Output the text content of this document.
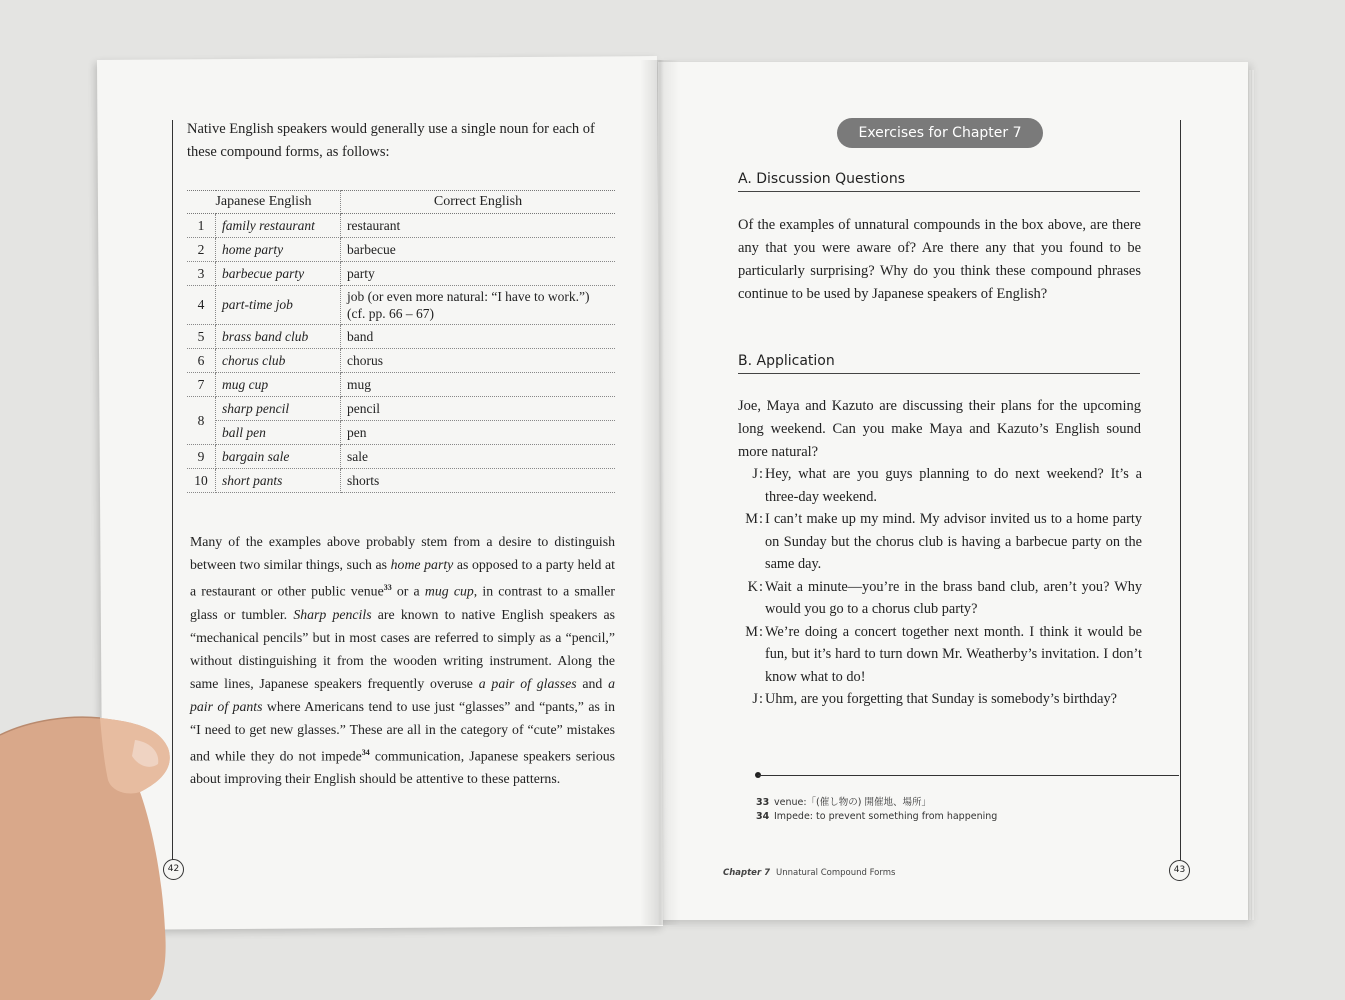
Native English speakers would generally use a single noun for each of these compound forms, as follows:
Japanese English		Correct English
1	family restaurant	restaurant
2	home party	barbecue
3	barbecue party	party
4	part-time job	job (or even more natural: “I have to work.”)
(cf. pp. 66 – 67)

5	brass band club	band
6	chorus club	chorus
7	mug cup	mug
8	sharp pencil	pencil
	ball pen	pen
9	bargain sale	sale
10	short pants	shorts
Many of the examples above probably stem from a desire to distinguish between two similar things, such as home party as opposed to a party held at a restaurant or other public venue$^{33}$ or a mug cup, in contrast to a smaller glass or tumbler. Sharp pencils are known to native English speakers as “mechanical pencils” but in most cases are referred to simply as a “pencil,” without distinguishing it from the wooden writing instrument. Along the same lines, Japanese speakers frequently overuse a pair of glasses and a pair of pants where Americans tend to use just “glasses” and “pants,” as in “I need to get new glasses.” These are all in the category of “cute” mistakes and while they do not impede$^{34}$ communication, Japanese speakers serious about improving their English should be attentive to these patterns.
42
Exercises for Chapter 7
A. Discussion Questions
Of the examples of unnatural compounds in the box above, are there any that you were aware of? Are there any that you found to be particularly surprising? Why do you think these compound phrases continue to be used by Japanese speakers of English?
B. Application
Joe, Maya and Kazuto are discussing their plans for the upcoming long weekend. Can you make Maya and Kazuto’s English sound more natural?
J : Hey, what are you guys planning to do next weekend? It’s a three-day weekend.
M : I can’t make up my mind. My advisor invited us to a home party on Sunday but the chorus club is having a barbecue party on the same day.
K : Wait a minute—you’re in the brass band club, aren’t you? Why would you go to a chorus club party?
M : We’re doing a concert together next month. I think it would be fun, but it’s hard to turn down Mr. Weatherby’s invitation. I don’t know what to do!
J : Uhm, are you forgetting that Sunday is somebody’s birthday?
33 venue:「(催し物の) 開催地、場所」
34 Impede: to prevent something from happening
Chapter 7 Unnatural Compound Forms	43
